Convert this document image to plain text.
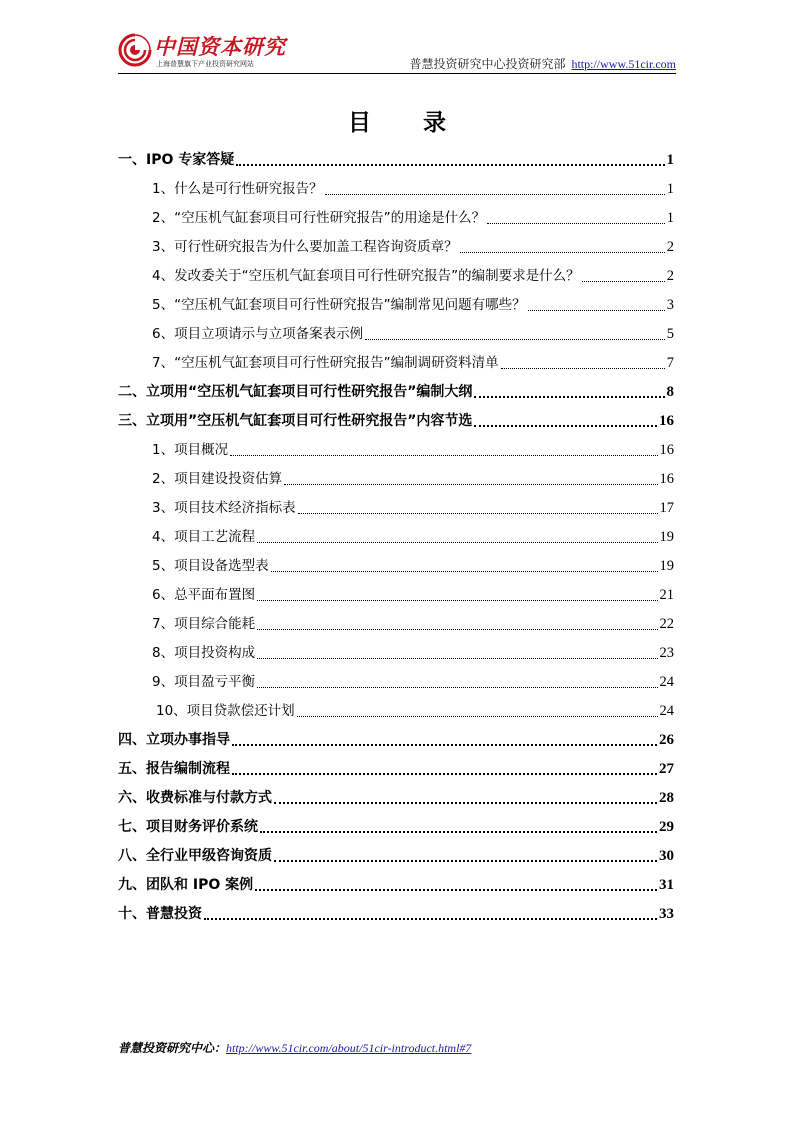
中国资本研究
上海普慧旗下产业投资研究网站	普慧投资研究中心投资研究部 http://www.51cir.com
目 录
一、IPO 专家答疑	1
1、什么是可行性研究报告？	1
2、“空压机气缸套项目可行性研究报告”的用途是什么？	1
3、可行性研究报告为什么要加盖工程咨询资质章？	2
4、发改委关于“空压机气缸套项目可行性研究报告”的编制要求是什么？	2
5、“空压机气缸套项目可行性研究报告”编制常见问题有哪些？	3
6、项目立项请示与立项备案表示例	5
7、“空压机气缸套项目可行性研究报告”编制调研资料清单	7
二、立项用“空压机气缸套项目可行性研究报告”编制大纲	8
三、立项用”空压机气缸套项目可行性研究报告”内容节选	16
1、项目概况	16
2、项目建设投资估算	16
3、项目技术经济指标表	17
4、项目工艺流程	19
5、项目设备选型表	19
6、总平面布置图	21
7、项目综合能耗	22
8、项目投资构成	23
9、项目盈亏平衡	24
10、项目贷款偿还计划	24
四、立项办事指导	26
五、报告编制流程	27
六、收费标准与付款方式	28
七、项目财务评价系统	29
八、全行业甲级咨询资质	30
九、团队和 IPO 案例	31
十、普慧投资	33
普慧投资研究中心：http://www.51cir.com/about/51cir-introduct.html#7
